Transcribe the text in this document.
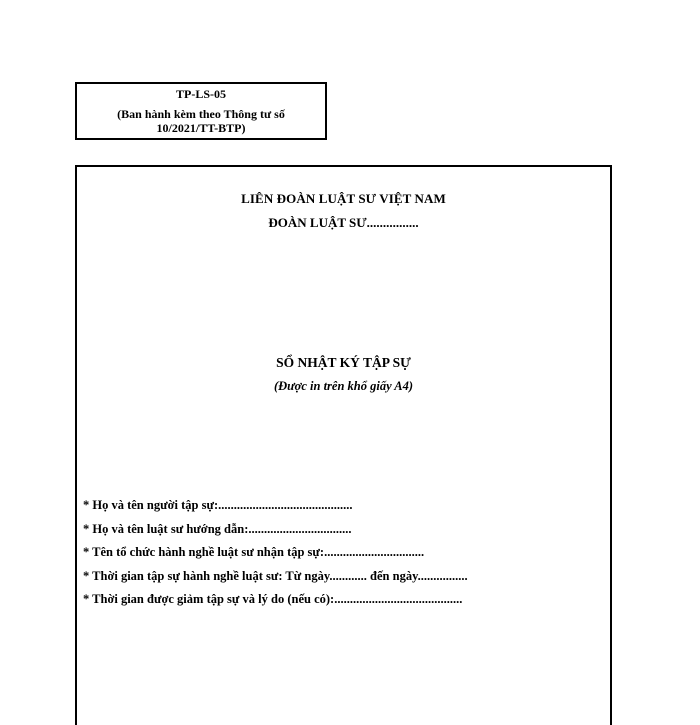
TP-LS-05
(Ban hành kèm theo Thông tư số
10/2021/TT-BTP)
LIÊN ĐOÀN LUẬT SƯ VIỆT NAM
ĐOÀN LUẬT SƯ................
SỔ NHẬT KÝ TẬP SỰ
(Được in trên khổ giấy A4)
* Họ và tên người tập sự:...........................................
* Họ và tên luật sư hướng dẫn:.................................
* Tên tổ chức hành nghề luật sư nhận tập sự:................................
* Thời gian tập sự hành nghề luật sư: Từ ngày............ đến ngày................
* Thời gian được giảm tập sự và lý do (nếu có):.........................................
